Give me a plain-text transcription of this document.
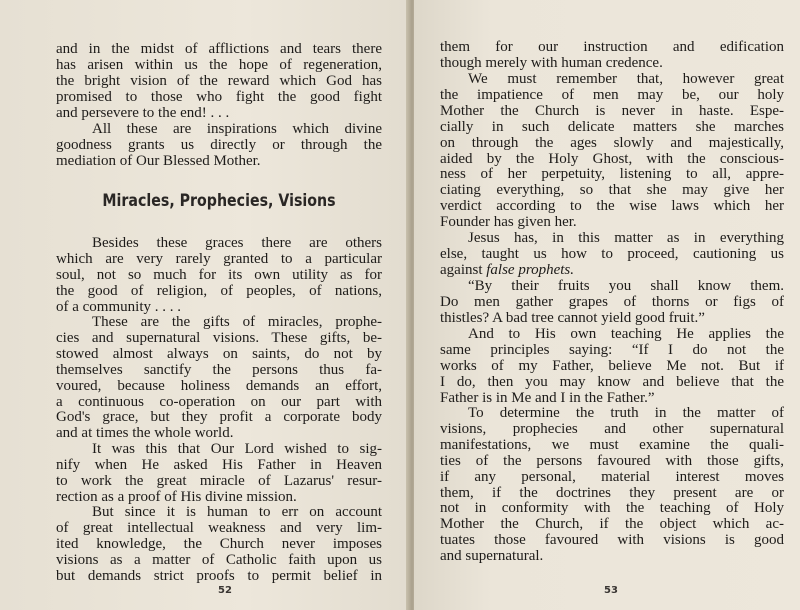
and in the midst of afflictions and tears there
has arisen within us the hope of regeneration,
the bright vision of the reward which God has
promised to those who fight the good fight
and persevere to the end! . . .
All these are inspirations which divine
goodness grants us directly or through the
mediation of Our Blessed Mother.
Miracles, Prophecies, Visions
Besides these graces there are others
which are very rarely granted to a particular
soul, not so much for its own utility as for
the good of religion, of peoples, of nations,
of a community . . . .
These are the gifts of miracles, prophe-
cies and supernatural visions. These gifts, be-
stowed almost always on saints, do not by
themselves sanctify the persons thus fa-
voured, because holiness demands an effort,
a continuous co-operation on our part with
God's grace, but they profit a corporate body
and at times the whole world.
It was this that Our Lord wished to sig-
nify when He asked His Father in Heaven
to work the great miracle of Lazarus' resur-
rection as a proof of His divine mission.
But since it is human to err on account
of great intellectual weakness and very lim-
ited knowledge, the Church never imposes
visions as a matter of Catholic faith upon us
but demands strict proofs to permit belief in
52
them for our instruction and edification
though merely with human credence.
We must remember that, however great
the impatience of men may be, our holy
Mother the Church is never in haste. Espe-
cially in such delicate matters she marches
on through the ages slowly and majestically,
aided by the Holy Ghost, with the conscious-
ness of her perpetuity, listening to all, appre-
ciating everything, so that she may give her
verdict according to the wise laws which her
Founder has given her.
Jesus has, in this matter as in everything
else, taught us how to proceed, cautioning us
against false prophets.
“By their fruits you shall know them.
Do men gather grapes of thorns or figs of
thistles? A bad tree cannot yield good fruit.”
And to His own teaching He applies the
same principles saying: “If I do not the
works of my Father, believe Me not. But if
I do, then you may know and believe that the
Father is in Me and I in the Father.”
To determine the truth in the matter of
visions, prophecies and other supernatural
manifestations, we must examine the quali-
ties of the persons favoured with those gifts,
if any personal, material interest moves
them, if the doctrines they present are or
not in conformity with the teaching of Holy
Mother the Church, if the object which ac-
tuates those favoured with visions is good
and supernatural.
53
